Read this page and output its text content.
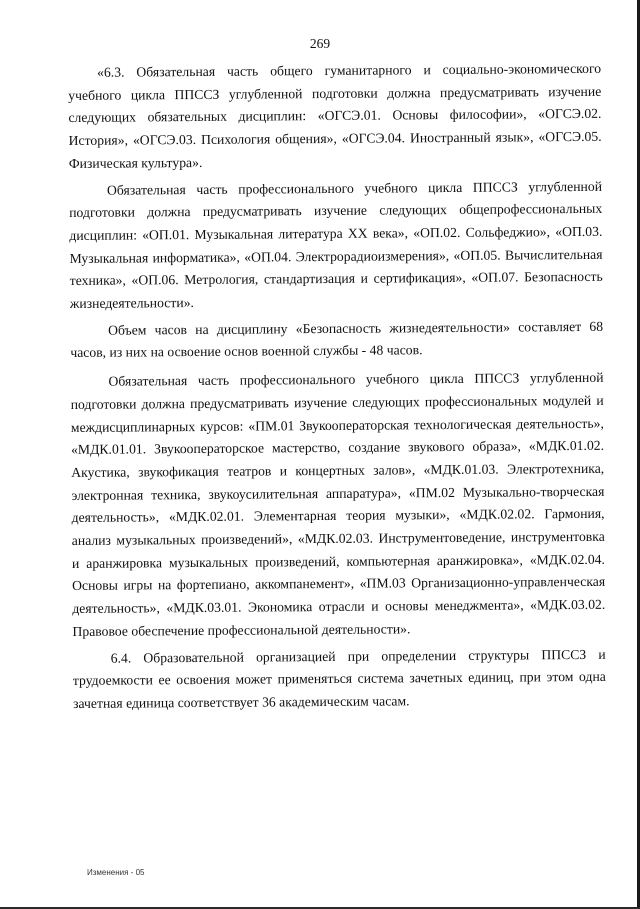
269

«6.3. Обязательная часть общего гуманитарного и социально-экономического учебного цикла ППССЗ углубленной подготовки должна предусматривать изучение следующих обязательных дисциплин: «ОГСЭ.01. Основы философии», «ОГСЭ.02. История», «ОГСЭ.03. Психология общения», «ОГСЭ.04. Иностранный язык», «ОГСЭ.05. Физическая культура».

Обязательная часть профессионального учебного цикла ППССЗ углубленной подготовки должна предусматривать изучение следующих общепрофессиональных дисциплин: «ОП.01. Музыкальная литература XX века», «ОП.02. Сольфеджио», «ОП.03. Музыкальная информатика», «ОП.04. Электрорадиоизмерения», «ОП.05. Вычислительная техника», «ОП.06. Метрология, стандартизация и сертификация», «ОП.07. Безопасность жизнедеятельности».

Объем часов на дисциплину «Безопасность жизнедеятельности» составляет 68 часов, из них на освоение основ военной службы - 48 часов.

Обязательная часть профессионального учебного цикла ППССЗ углубленной подготовки должна предусматривать изучение следующих профессиональных модулей и междисциплинарных курсов: «ПМ.01 Звукооператорская технологическая деятельность», «МДК.01.01. Звукооператорское мастерство, создание звукового образа», «МДК.01.02. Акустика, звукофикация театров и концертных залов», «МДК.01.03. Электротехника, электронная техника, звукоусилительная аппаратура», «ПМ.02 Музыкально-творческая деятельность», «МДК.02.01. Элементарная теория музыки», «МДК.02.02. Гармония, анализ музыкальных произведений», «МДК.02.03. Инструментоведение, инструментовка и аранжировка музыкальных произведений, компьютерная аранжировка», «МДК.02.04. Основы игры на фортепиано, аккомпанемент», «ПМ.03 Организационно-управленческая деятельность», «МДК.03.01. Экономика отрасли и основы менеджмента», «МДК.03.02. Правовое обеспечение профессиональной деятельности».

6.4. Образовательной организацией при определении структуры ППССЗ и трудоемкости ее освоения может применяться система зачетных единиц, при этом одна зачетная единица соответствует 36 академическим часам.

Изменения - 05
